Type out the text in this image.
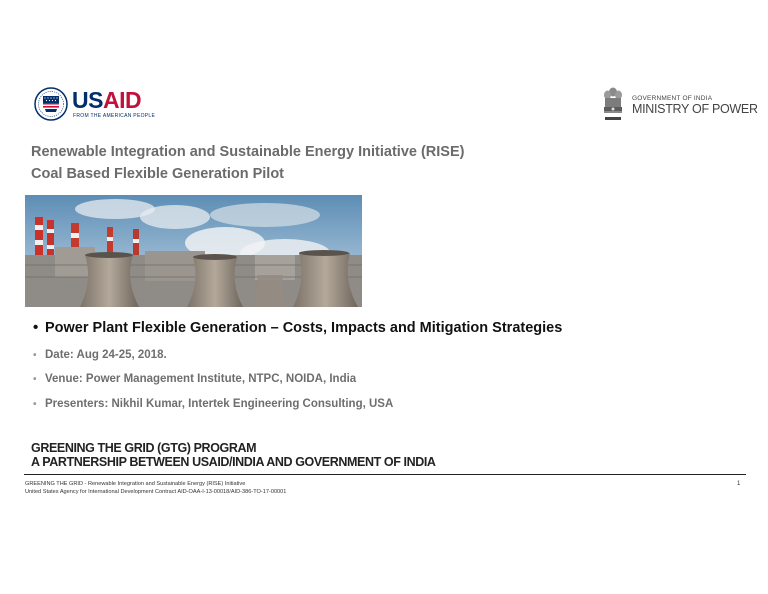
USAID
FROM THE AMERICAN PEOPLE
GOVERNMENT OF INDIA
MINISTRY OF POWER
Renewable Integration and Sustainable Energy Initiative (RISE)
Coal Based Flexible Generation Pilot
• Power Plant Flexible Generation – Costs, Impacts and Mitigation Strategies
• Date: Aug 24-25, 2018.
• Venue: Power Management Institute, NTPC, NOIDA, India
• Presenters: Nikhil Kumar, Intertek Engineering Consulting, USA
GREENING THE GRID (GTG) PROGRAM
A PARTNERSHIP BETWEEN USAID/INDIA AND GOVERNMENT OF INDIA
GREENING THE GRID - Renewable Integration and Sustainable Energy (RISE) Initiative
United States Agency for International Development Contract AID-OAA-I-13-00018/AID-386-TO-17-00001
1
